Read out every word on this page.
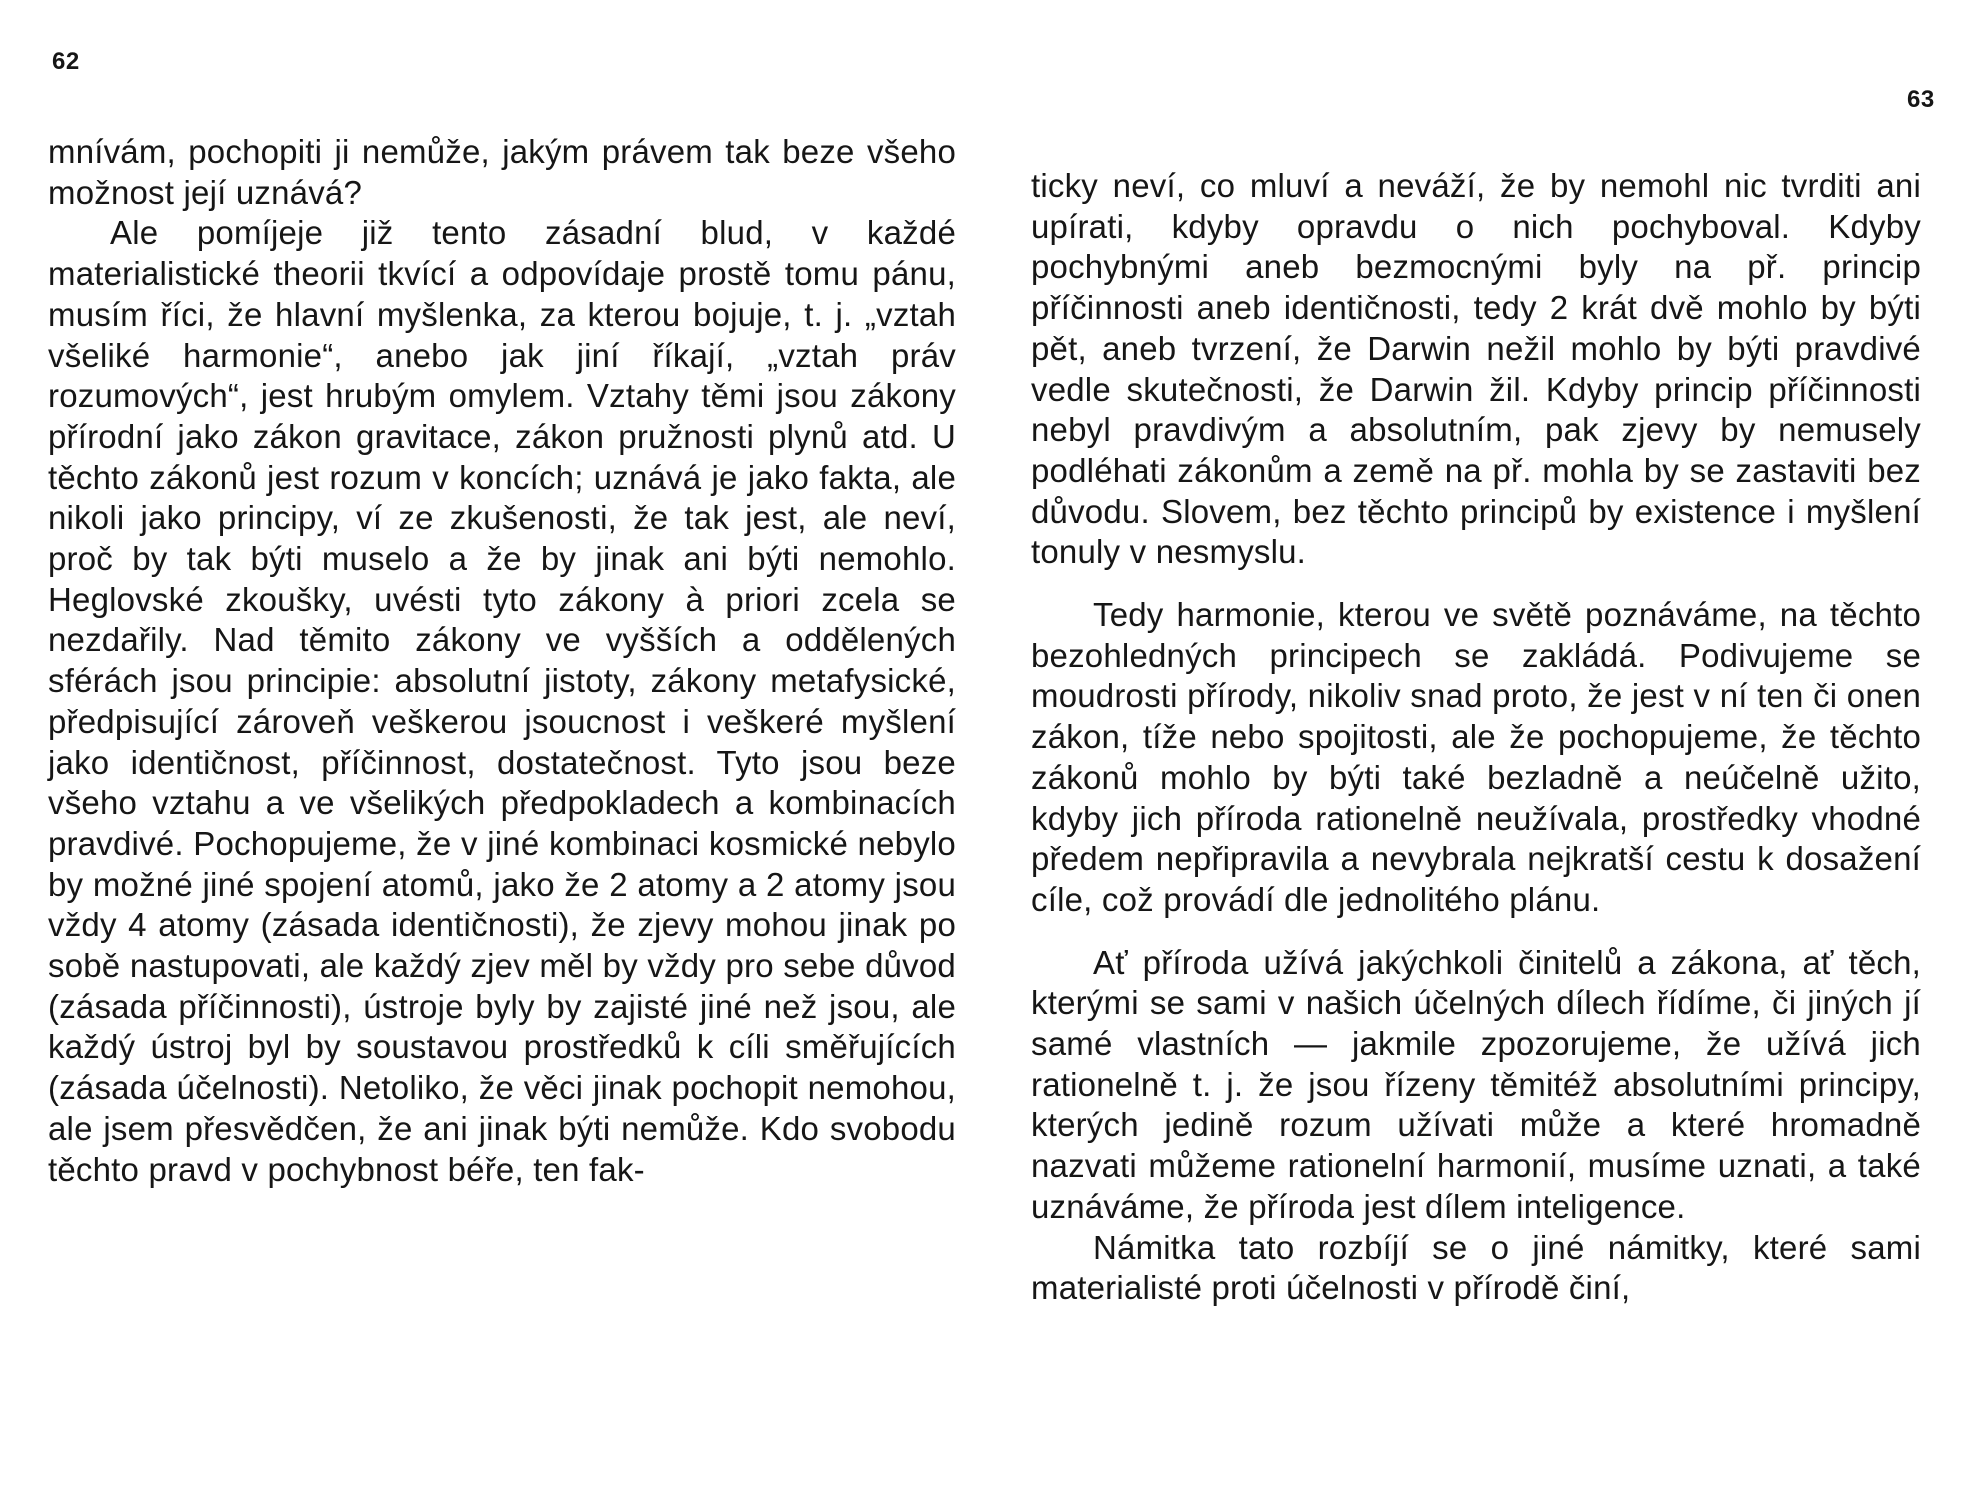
62

mnívám, pochopiti ji nemůže, jakým právem tak beze všeho možnost její uznává?

Ale pomíjeje již tento zásadní blud, v každé materialistické theorii tkvící a odpovídaje prostě tomu pánu, musím říci, že hlavní myšlenka, za kterou bojuje, t. j. „vztah všeliké harmonie“, anebo jak jiní říkají, „vztah práv rozumových“, jest hrubým omylem. Vztahy těmi jsou zákony přírodní jako zákon gravitace, zákon pružnosti plynů atd. U těchto zákonů jest rozum v koncích; uznává je jako fakta, ale nikoli jako principy, ví ze zkušenosti, že tak jest, ale neví, proč by tak býti muselo a že by jinak ani býti nemohlo. Heglovské zkoušky, uvésti tyto zákony à priori zcela se nezdařily. Nad těmito zákony ve vyšších a oddělených sférách jsou principie: absolutní jistoty, zákony metafysické, předpisující zároveň veškerou jsoucnost i veškeré myšlení jako identičnost, příčinnost, dostatečnost. Tyto jsou beze všeho vztahu a ve všelikých předpokladech a kombinacích pravdivé. Pochopujeme, že v jiné kombinaci kosmické nebylo by možné jiné spojení atomů, jako že 2 atomy a 2 atomy jsou vždy 4 atomy (zásada identičnosti), že zjevy mohou jinak po sobě nastupovati, ale každý zjev měl by vždy pro sebe důvod (zásada příčinnosti), ústroje byly by zajisté jiné než jsou, ale každý ústroj byl by soustavou prostředků k cíli směřujících (zásada účelnosti). Netoliko, že věci jinak pochopit nemohou, ale jsem přesvědčen, že ani jinak býti nemůže. Kdo svobodu těchto pravd v pochybnost béře, ten fak-

63

ticky neví, co mluví a neváží, že by nemohl nic tvrditi ani upírati, kdyby opravdu o nich pochyboval. Kdyby pochybnými aneb bezmocnými byly na př. princip příčinnosti aneb identičnosti, tedy 2 krát dvě mohlo by býti pět, aneb tvrzení, že Darwin nežil mohlo by býti pravdivé vedle skutečnosti, že Darwin žil. Kdyby princip příčinnosti nebyl pravdivým a absolutním, pak zjevy by nemusely podléhati zákonům a země na př. mohla by se zastaviti bez důvodu. Slovem, bez těchto principů by existence i myšlení tonuly v nesmyslu.

Tedy harmonie, kterou ve světě poznáváme, na těchto bezohledných principech se zakládá. Podivujeme se moudrosti přírody, nikoliv snad proto, že jest v ní ten či onen zákon, tíže nebo spojitosti, ale že pochopujeme, že těchto zákonů mohlo by býti také bezladně a neúčelně užito, kdyby jich příroda rationelně neužívala, prostředky vhodné předem nepřipravila a nevybrala nejkratší cestu k dosažení cíle, což provádí dle jednolitého plánu.

Ať příroda užívá jakýchkoli činitelů a zákona, ať těch, kterými se sami v našich účelných dílech řídíme, či jiných jí samé vlastních — jakmile zpozorujeme, že užívá jich rationelně t. j. že jsou řízeny těmitéž absolutními principy, kterých jedině rozum užívati může a které hromadně nazvati můžeme rationelní harmonií, musíme uznati, a také uznáváme, že příroda jest dílem inteligence.

Námitka tato rozbíjí se o jiné námitky, které sami materialisté proti účelnosti v přírodě činí,
